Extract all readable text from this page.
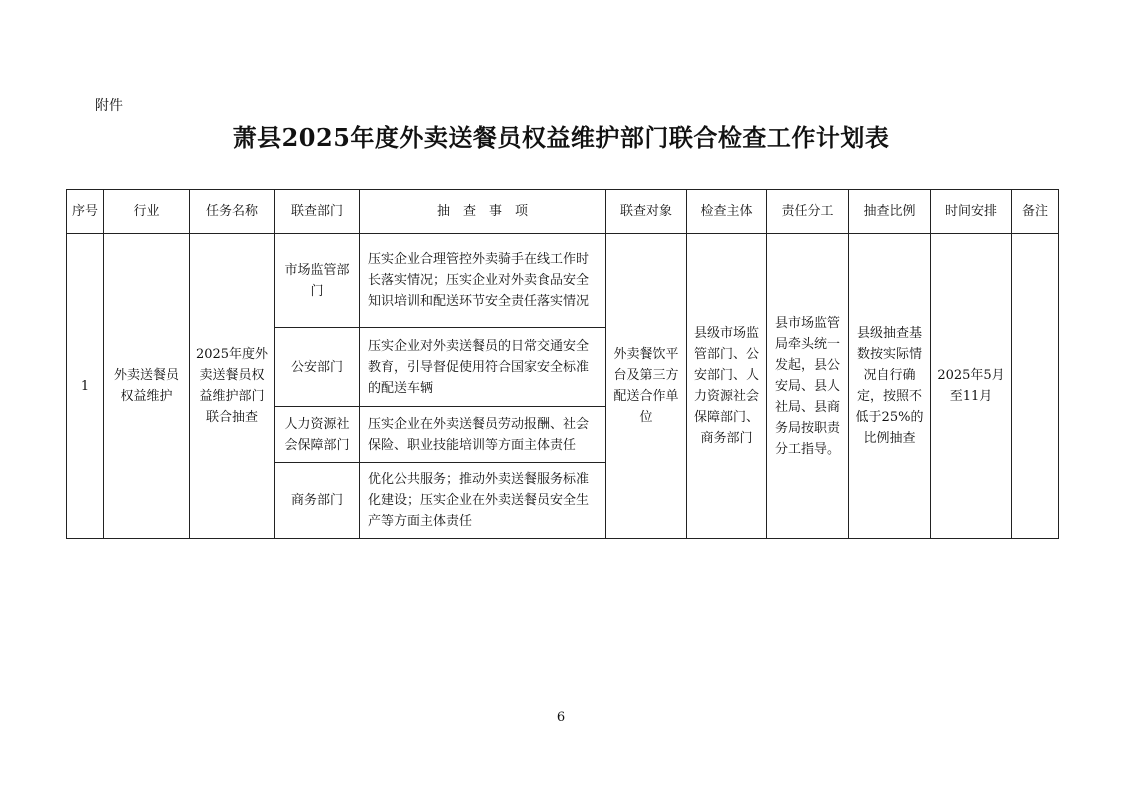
附件
萧县2025年度外卖送餐员权益维护部门联合检查工作计划表
序号	行业	任务名称	联查部门	抽　查　事　项	联查对象	检查主体	责任分工	抽查比例	时间安排	备注
1	外卖送餐员权益维护	2025年度外卖送餐员权益维护部门联合抽查	市场监管部门	压实企业合理管控外卖骑手在线工作时长落实情况；压实企业对外卖食品安全知识培训和配送环节安全责任落实情况	外卖餐饮平台及第三方配送合作单位	县级市场监管部门、公安部门、人力资源社会保障部门、商务部门	县市场监管局牵头统一发起，县公安局、县人社局、县商务局按职责分工指导。	县级抽查基数按实际情况自行确定，按照不低于25%的比例抽查	2025年5月至11月	
			公安部门	压实企业对外卖送餐员的日常交通安全教育，引导督促使用符合国家安全标准的配送车辆						
			人力资源社会保障部门	压实企业在外卖送餐员劳动报酬、社会保险、职业技能培训等方面主体责任						
			商务部门	优化公共服务；推动外卖送餐服务标准化建设；压实企业在外卖送餐员安全生产等方面主体责任						
6
